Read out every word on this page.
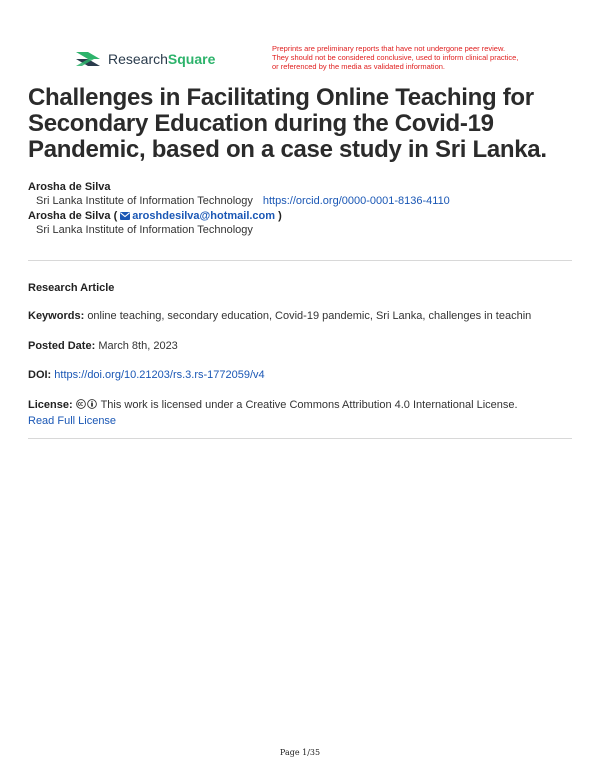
ResearchSquare
Preprints are preliminary reports that have not undergone peer review.
They should not be considered conclusive, used to inform clinical practice,
or referenced by the media as validated information.
Challenges in Facilitating Online Teaching for Secondary Education during the Covid-19 Pandemic, based on a case study in Sri Lanka.
Arosha de Silva
Sri Lanka Institute of Information Technology https://orcid.org/0000-0001-8136-4110
Arosha de Silva ( aroshdesilva@hotmail.com )
Sri Lanka Institute of Information Technology
Research Article
Keywords: online teaching, secondary education, Covid-19 pandemic, Sri Lanka, challenges in teachin
Posted Date: March 8th, 2023
DOI: https://doi.org/10.21203/rs.3.rs-1772059/v4
License:	This work is licensed under a Creative Commons Attribution 4.0 International License.
Read Full License
Page 1/35
